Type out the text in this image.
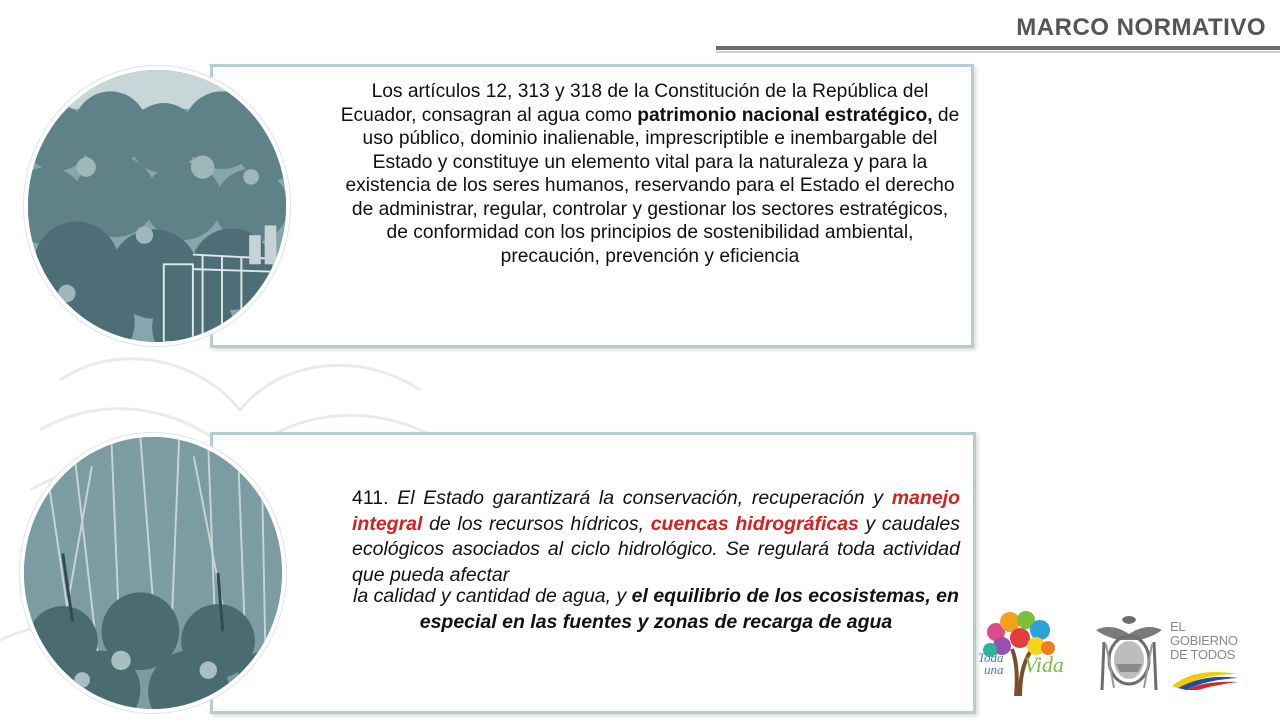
MARCO NORMATIVO
Los artículos 12, 313 y 318 de la Constitución de la República del Ecuador, consagran al agua como patrimonio nacional estratégico, de uso público, dominio inalienable, imprescriptible e inembargable del Estado y constituye un elemento vital para la naturaleza y para la existencia de los seres humanos, reservando para el Estado el derecho de administrar, regular, controlar y gestionar los sectores estratégicos, de conformidad con los principios de sostenibilidad ambiental, precaución, prevención y eficiencia
411. El Estado garantizará la conservación, recuperación y manejo integral de los recursos hídricos, cuencas hidrográficas y caudales ecológicos asociados al ciclo hidrológico. Se regulará toda actividad que pueda afectar
la calidad y cantidad de agua, y el equilibrio de los ecosistemas, en especial en las fuentes y zonas de recarga de agua
Toda
una Vida
EL
GOBIERNO
DE TODOS
